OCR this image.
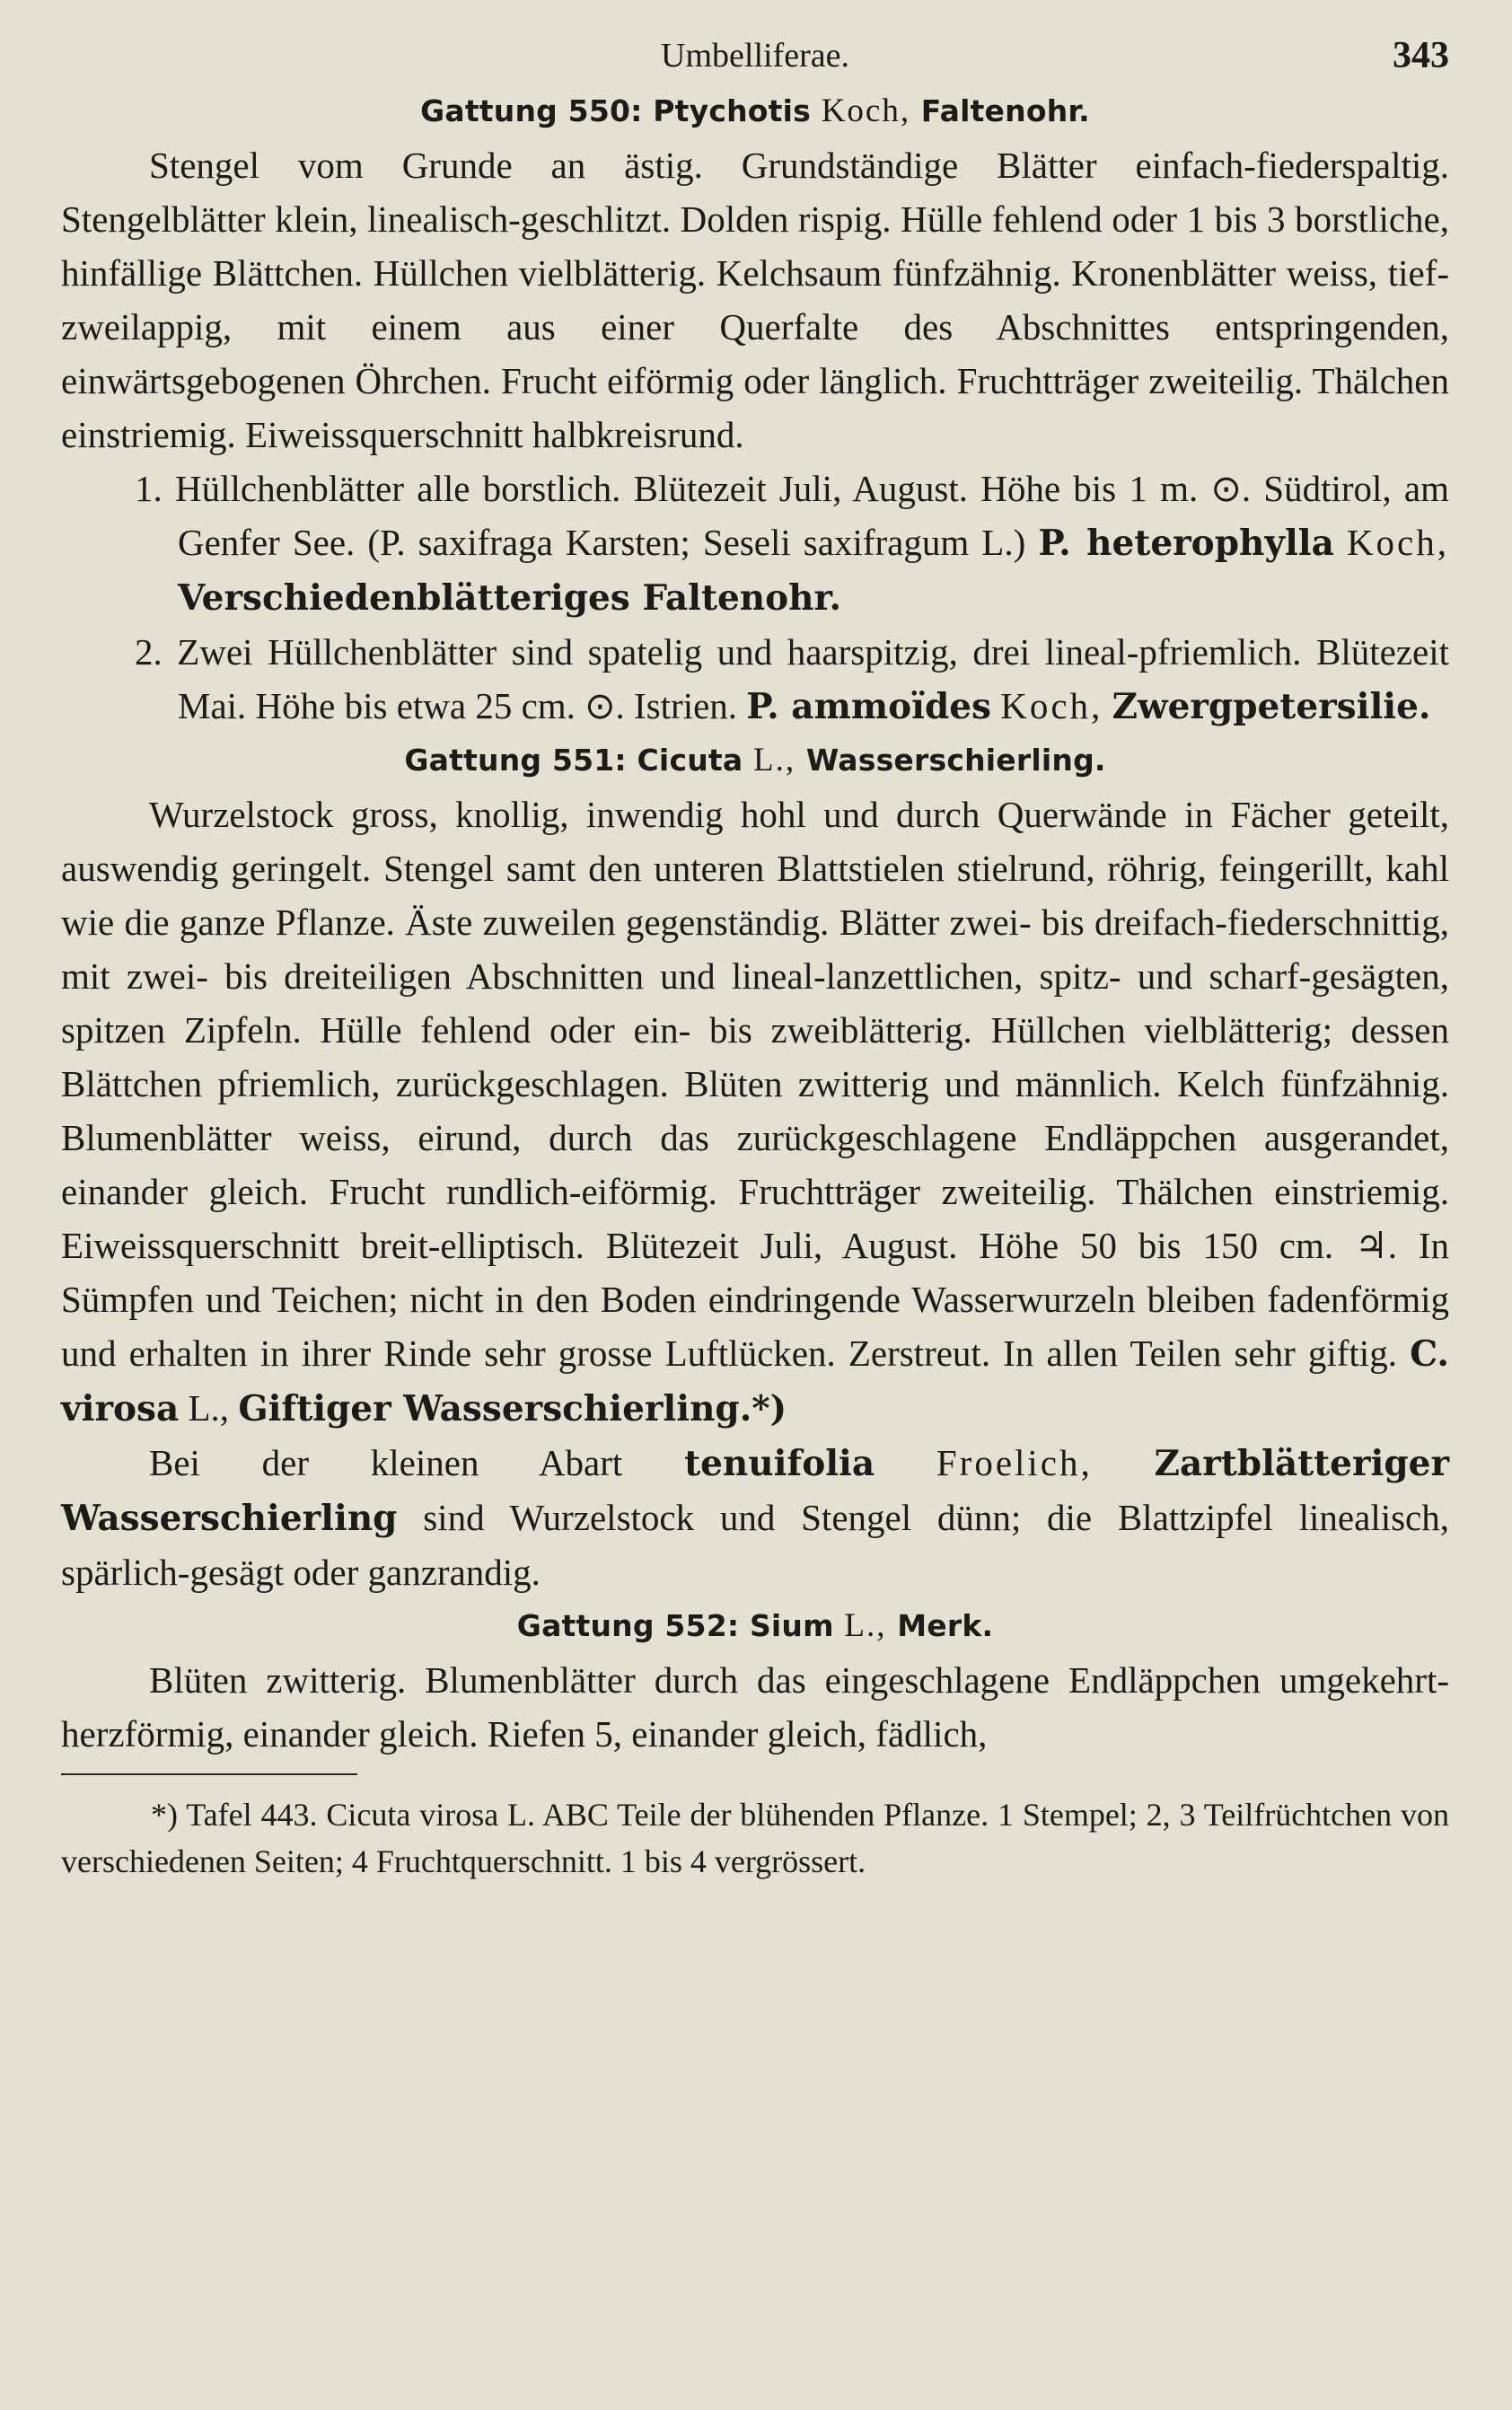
Umbelliferae.	343

Gattung 550: Ptychotis Koch, Faltenohr.

Stengel vom Grunde an ästig. Grundständige Blätter einfach-fiederspaltig. Stengelblätter klein, linealisch-geschlitzt. Dolden rispig. Hülle fehlend oder 1 bis 3 borstliche, hinfällige Blättchen. Hüllchen vielblätterig. Kelchsaum fünfzähnig. Kronenblätter weiss, tief-zweilappig, mit einem aus einer Querfalte des Abschnittes entspringenden, einwärtsgebogenen Öhrchen. Frucht eiförmig oder länglich. Fruchtträger zweiteilig. Thälchen einstriemig. Eiweissquerschnitt halbkreisrund.

1. Hüllchenblätter alle borstlich. Blütezeit Juli, August. Höhe bis 1 m. ⊙. Südtirol, am Genfer See. (P. saxifraga Karsten; Seseli saxifragum L.) P. heterophylla Koch, Verschiedenblätteriges Faltenohr.

2. Zwei Hüllchenblätter sind spatelig und haarspitzig, drei lineal-pfriemlich. Blütezeit Mai. Höhe bis etwa 25 cm. ⊙. Istrien. P. ammoïdes Koch, Zwergpetersilie.

Gattung 551: Cicuta L., Wasserschierling.

Wurzelstock gross, knollig, inwendig hohl und durch Querwände in Fächer geteilt, auswendig geringelt. Stengel samt den unteren Blattstielen stielrund, röhrig, feingerillt, kahl wie die ganze Pflanze. Äste zuweilen gegenständig. Blätter zwei- bis dreifach-fiederschnittig, mit zwei- bis dreiteiligen Abschnitten und lineal-lanzettlichen, spitz- und scharf-gesägten, spitzen Zipfeln. Hülle fehlend oder ein- bis zweiblätterig. Hüllchen vielblätterig; dessen Blättchen pfriemlich, zurückgeschlagen. Blüten zwitterig und männlich. Kelch fünfzähnig. Blumenblätter weiss, eirund, durch das zurückgeschlagene Endläppchen ausgerandet, einander gleich. Frucht rundlich-eiförmig. Fruchtträger zweiteilig. Thälchen einstriemig. Eiweissquerschnitt breit-elliptisch. Blütezeit Juli, August. Höhe 50 bis 150 cm. ♃. In Sümpfen und Teichen; nicht in den Boden eindringende Wasserwurzeln bleiben fadenförmig und erhalten in ihrer Rinde sehr grosse Luftlücken. Zerstreut. In allen Teilen sehr giftig. C. virosa L., Giftiger Wasserschierling.*)

Bei der kleinen Abart tenuifolia Froelich, Zartblätteriger Wasserschierling sind Wurzelstock und Stengel dünn; die Blattzipfel linealisch, spärlich-gesägt oder ganzrandig.

Gattung 552: Sium L., Merk.

Blüten zwitterig. Blumenblätter durch das eingeschlagene Endläppchen umgekehrt-herzförmig, einander gleich. Riefen 5, einander gleich, fädlich,

*) Tafel 443. Cicuta virosa L. ABC Teile der blühenden Pflanze. 1 Stempel; 2, 3 Teilfrüchtchen von verschiedenen Seiten; 4 Fruchtquerschnitt. 1 bis 4 vergrössert.
